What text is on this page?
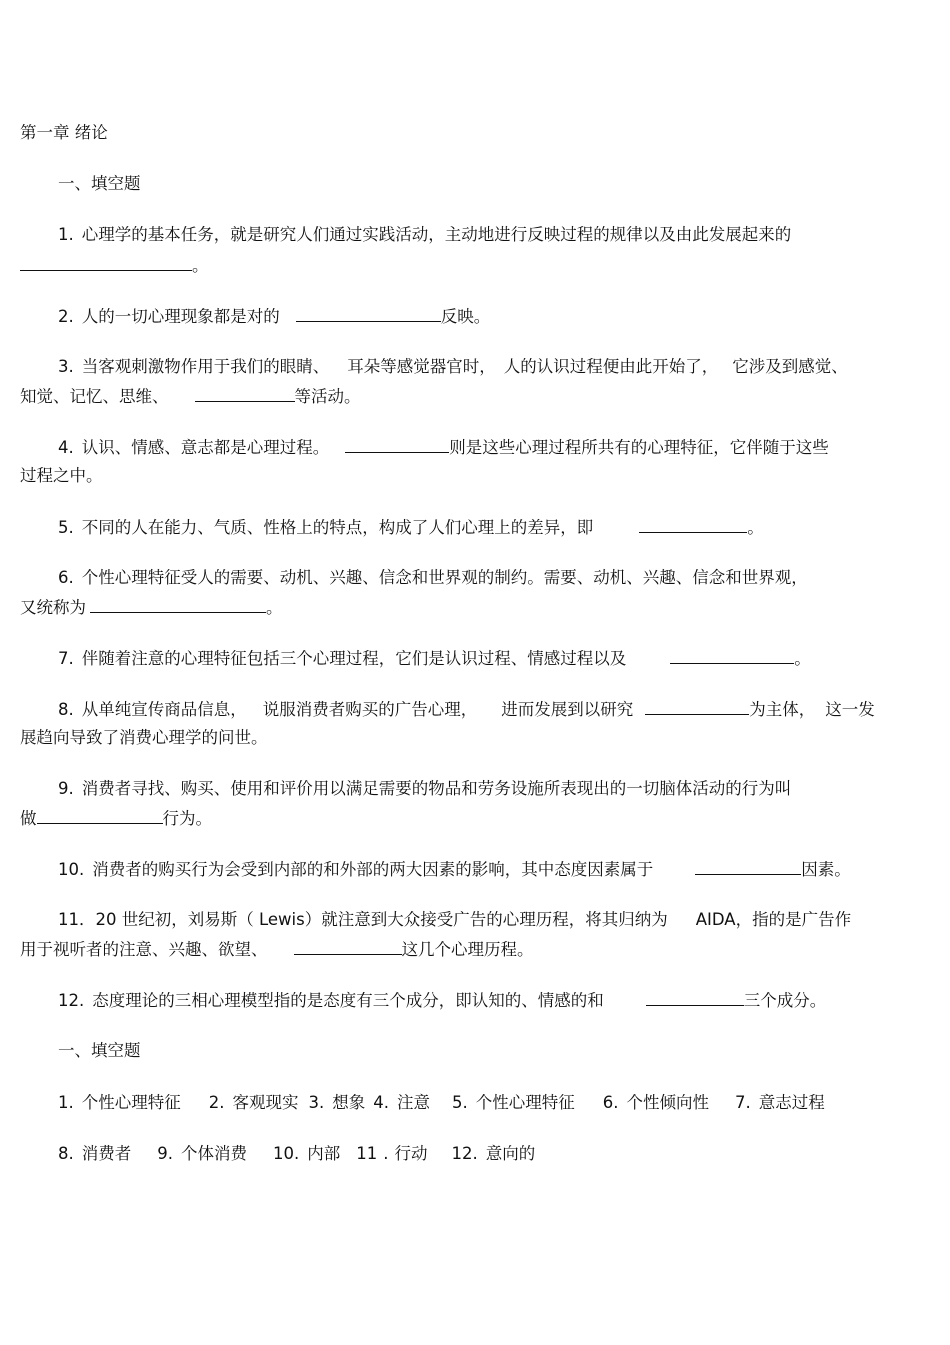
第一章 绪论
一、填空题
1. 心理学的基本任务，就是研究人们通过实践活动，主动地进行反映过程的规律以及由此发展起来的
。
2. 人的一切心理现象都是对的	反映。
3. 当客观刺激物作用于我们的眼睛、 耳朵等感觉器官时， 人的认识过程便由此开始了， 它涉及到感觉、
知觉、记忆、思维、	等活动。
4. 认识、情感、意志都是心理过程。	则是这些心理过程所共有的心理特征，它伴随于这些
过程之中。
5. 不同的人在能力、气质、性格上的特点，构成了人们心理上的差异，即	。
6. 个性心理特征受人的需要、动机、兴趣、信念和世界观的制约。需要、动机、兴趣、信念和世界观，
又统称为	。
7. 伴随着注意的心理特征包括三个心理过程，它们是认识过程、情感过程以及	。
8. 从单纯宣传商品信息， 说服消费者购买的广告心理， 进而发展到以研究	为主体， 这一发
展趋向导致了消费心理学的问世。
9. 消费者寻找、购买、使用和评价用以满足需要的物品和劳务设施所表现出的一切脑体活动的行为叫
做	行为。
10. 消费者的购买行为会受到内部的和外部的两大因素的影响，其中态度因素属于	因素。
11．20 世纪初，刘易斯（ Lewis）就注意到大众接受广告的心理历程，将其归纳为 AIDA，指的是广告作
用于视听者的注意、兴趣、欲望、	这几个心理历程。
12. 态度理论的三相心理模型指的是态度有三个成分，即认知的、情感的和	三个成分。
一、填空题
1. 个性心理特征 2. 客观现实 3. 想象 4. 注意 5. 个性心理特征 6. 个性倾向性 7. 意志过程
8. 消费者 9. 个体消费 10. 内部 11 . 行动 12. 意向的
